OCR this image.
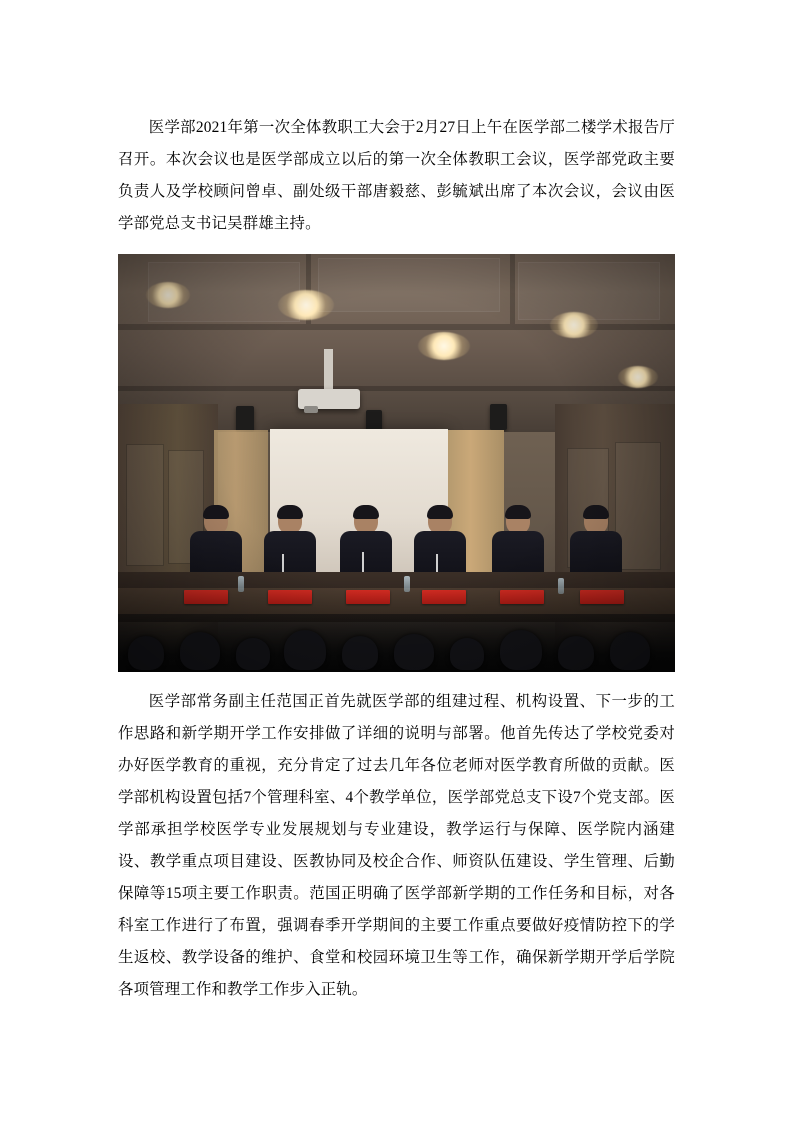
医学部2021年第一次全体教职工大会于2月27日上午在医学部二楼学术报告厅召开。本次会议也是医学部成立以后的第一次全体教职工会议，医学部党政主要负责人及学校顾问曾卓、副处级干部唐毅慈、彭毓斌出席了本次会议，会议由医学部党总支书记吴群雄主持。

医学部常务副主任范国正首先就医学部的组建过程、机构设置、下一步的工作思路和新学期开学工作安排做了详细的说明与部署。他首先传达了学校党委对办好医学教育的重视，充分肯定了过去几年各位老师对医学教育所做的贡献。医学部机构设置包括7个管理科室、4个教学单位，医学部党总支下设7个党支部。医学部承担学校医学专业发展规划与专业建设，教学运行与保障、医学院内涵建设、教学重点项目建设、医教协同及校企合作、师资队伍建设、学生管理、后勤保障等15项主要工作职责。范国正明确了医学部新学期的工作任务和目标，对各科室工作进行了布置，强调春季开学期间的主要工作重点要做好疫情防控下的学生返校、教学设备的维护、食堂和校园环境卫生等工作，确保新学期开学后学院各项管理工作和教学工作步入正轨。
